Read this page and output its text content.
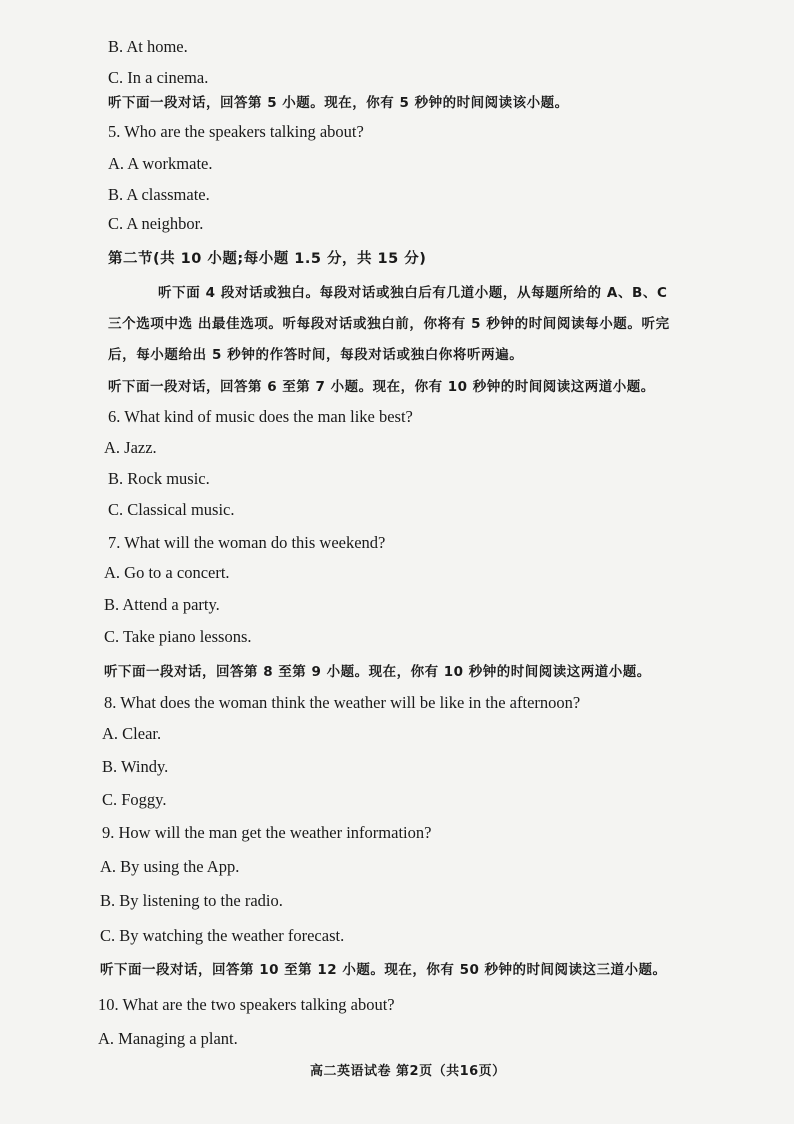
B. At home.
C. In a cinema.
听下面一段对话，回答第 5 小题。现在，你有 5 秒钟的时间阅读该小题。
5. Who are the speakers talking about?
A. A workmate.
B. A classmate.
C. A neighbor.
第二节(共 10 小题;每小题 1.5 分，共 15 分)
听下面 4 段对话或独白。每段对话或独白后有几道小题，从每题所给的 A、B、C
三个选项中选 出最佳选项。听每段对话或独白前，你将有 5 秒钟的时间阅读每小题。听完
后，每小题给出 5 秒钟的作答时间，每段对话或独白你将听两遍。
听下面一段对话，回答第 6 至第 7 小题。现在，你有 10 秒钟的时间阅读这两道小题。
6. What kind of music does the man like best?
A. Jazz.
B. Rock music.
C. Classical music.
7. What will the woman do this weekend?
A. Go to a concert.
B. Attend a party.
C. Take piano lessons.
听下面一段对话，回答第 8 至第 9 小题。现在，你有 10 秒钟的时间阅读这两道小题。
8. What does the woman think the weather will be like in the afternoon?
A. Clear.
B. Windy.
C. Foggy.
9. How will the man get the weather information?
A. By using the App.
B. By listening to the radio.
C. By watching the weather forecast.
听下面一段对话，回答第 10 至第 12 小题。现在，你有 50 秒钟的时间阅读这三道小题。
10. What are the two speakers talking about?
A. Managing a plant.
高二英语试卷 第2页（共16页）
